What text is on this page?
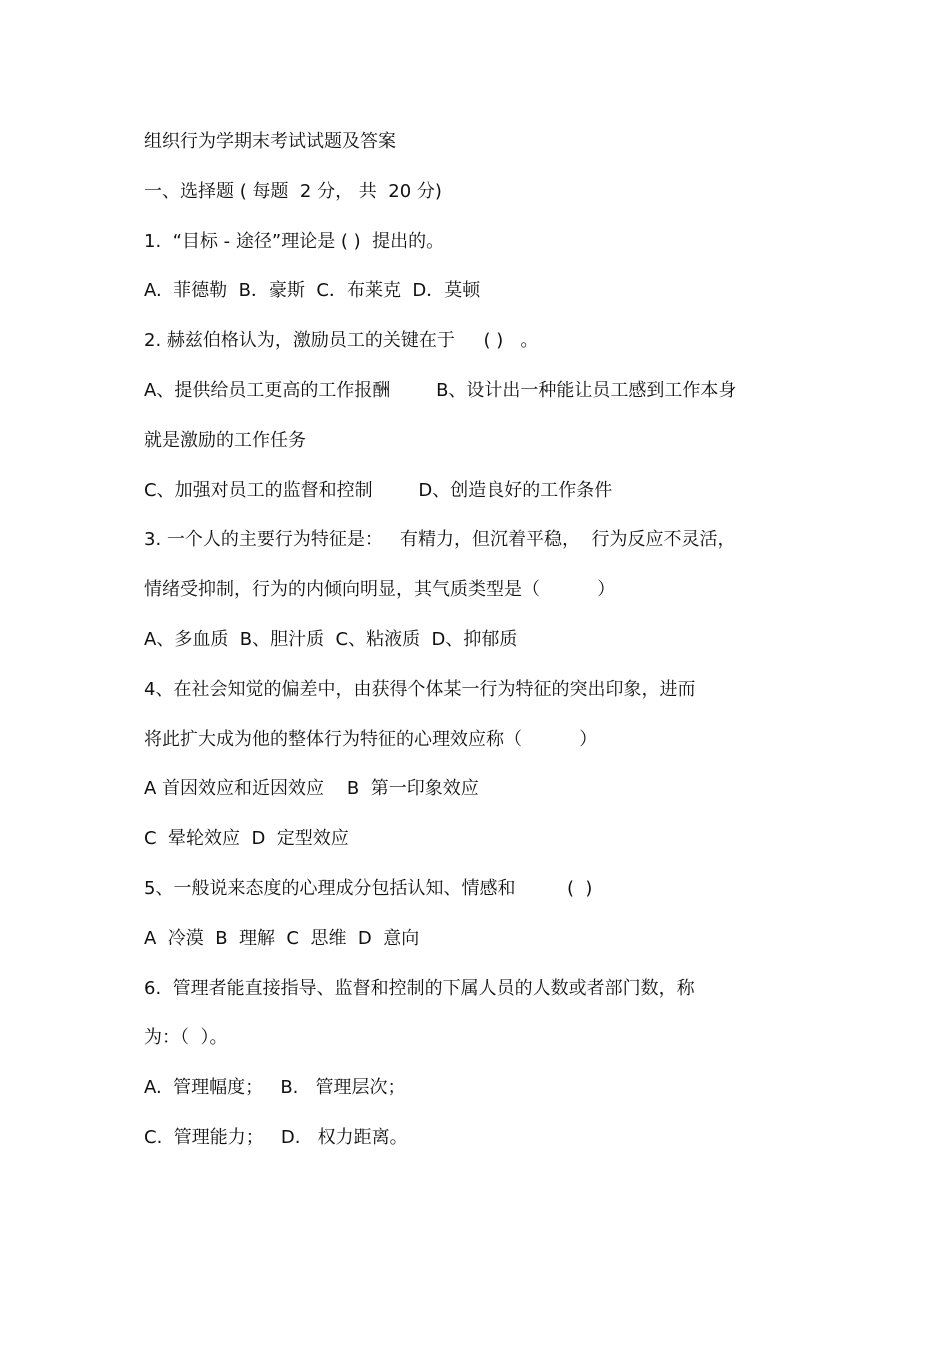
组织行为学期末考试试题及答案
一、选择题 ( 每题  2 分， 共  20 分)
1.  “目标 - 途径”理论是 ( )  提出的。
A.  菲德勒  B．豪斯  C．布莱克  D．莫顿
2. 赫兹伯格认为，激励员工的关键在于     ( )   。
A、提供给员工更高的工作报酬        B、设计出一种能让员工感到工作本身
就是激励的工作任务
C、加强对员工的监督和控制        D、创造良好的工作条件
3. 一个人的主要行为特征是：   有精力，但沉着平稳，  行为反应不灵活，
情绪受抑制，行为的内倾向明显，其气质类型是（          ）
A、多血质  B、胆汁质  C、粘液质  D、抑郁质
4、在社会知觉的偏差中，由获得个体某一行为特征的突出印象，进而
将此扩大成为他的整体行为特征的心理效应称（          ）
A 首因效应和近因效应    B  第一印象效应
C  晕轮效应  D  定型效应
5、一般说来态度的心理成分包括认知、情感和         (  )
A  冷漠  B  理解  C  思维  D  意向
6.  管理者能直接指导、监督和控制的下属人员的人数或者部门数，称
为：（  ）。
A.  管理幅度；   B.   管理层次；
C.  管理能力；   D.   权力距离。
